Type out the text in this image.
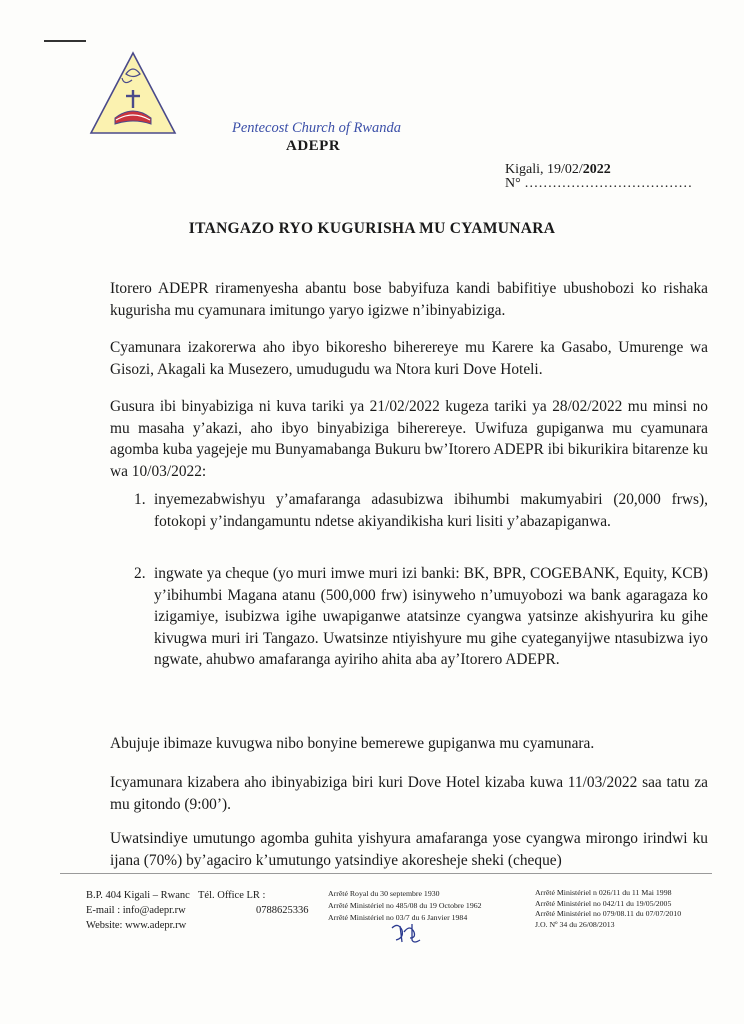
Pentecost Church of Rwanda
ADEPR
Kigali, 19/02/2022
N° ………………………………
ITANGAZO RYO KUGURISHA MU CYAMUNARA
Itorero ADEPR riramenyesha abantu bose babyifuza kandi babifitiye ubushobozi ko rishaka kugurisha mu cyamunara imitungo yaryo igizwe n’ibinyabiziga.
Cyamunara izakorerwa aho ibyo bikoresho biherereye mu Karere ka Gasabo, Umurenge wa Gisozi, Akagali ka Musezero, umudugudu wa Ntora kuri Dove Hoteli.
Gusura ibi binyabiziga ni kuva tariki ya 21/02/2022 kugeza tariki ya 28/02/2022 mu minsi no mu masaha y’akazi, aho ibyo binyabiziga biherereye. Uwifuza gupiganwa mu cyamunara agomba kuba yagejeje mu Bunyamabanga Bukuru bw’Itorero ADEPR ibi bikurikira bitarenze ku wa 10/03/2022:
1. inyemezabwishyu y’amafaranga adasubizwa ibihumbi makumyabiri (20,000 frws), fotokopi y’indangamuntu ndetse akiyandikisha kuri lisiti y’abazapiganwa.
2. ingwate ya cheque (yo muri imwe muri izi banki: BK, BPR, COGEBANK, Equity, KCB) y’ibihumbi Magana atanu (500,000 frw) isinyweho n’umuyobozi wa bank agaragaza ko izigamiye, isubizwa igihe uwapiganwe atatsinze cyangwa yatsinze akishyurira ku gihe kivugwa muri iri Tangazo. Uwatsinze ntiyishyure mu gihe cyateganyijwe ntasubizwa iyo ngwate, ahubwo amafaranga ayiriho ahita aba ay’Itorero ADEPR.
Abujuje ibimaze kuvugwa nibo bonyine bemerewe gupiganwa mu cyamunara.
Icyamunara kizabera aho ibinyabiziga biri kuri Dove Hotel kizaba kuwa 11/03/2022 saa tatu za mu gitondo (9:00’).
Uwatsindiye umutungo agomba guhita yishyura amafaranga yose cyangwa mirongo irindwi ku ijana (70%) by’agaciro k’umutungo yatsindiye akoresheje sheki (cheque)
B.P. 404 Kigali – Rwanc
E-mail : info@adepr.rw
Website: www.adepr.rw
Tél. Office LR :
0788625336
Arrêté Royal du 30 septembre 1930
Arrêté Ministériel no 485/08 du 19 Octobre 1962
Arrêté Ministériel no 03/7 du 6 Janvier 1984
Arrêté Ministériel n 026/11 du 11 Mai 1998
Arrêté Ministériel no 042/11 du 19/05/2005
Arrêté Ministériel no 079/08.11 du 07/07/2010
J.O. Nº 34 du 26/08/2013
